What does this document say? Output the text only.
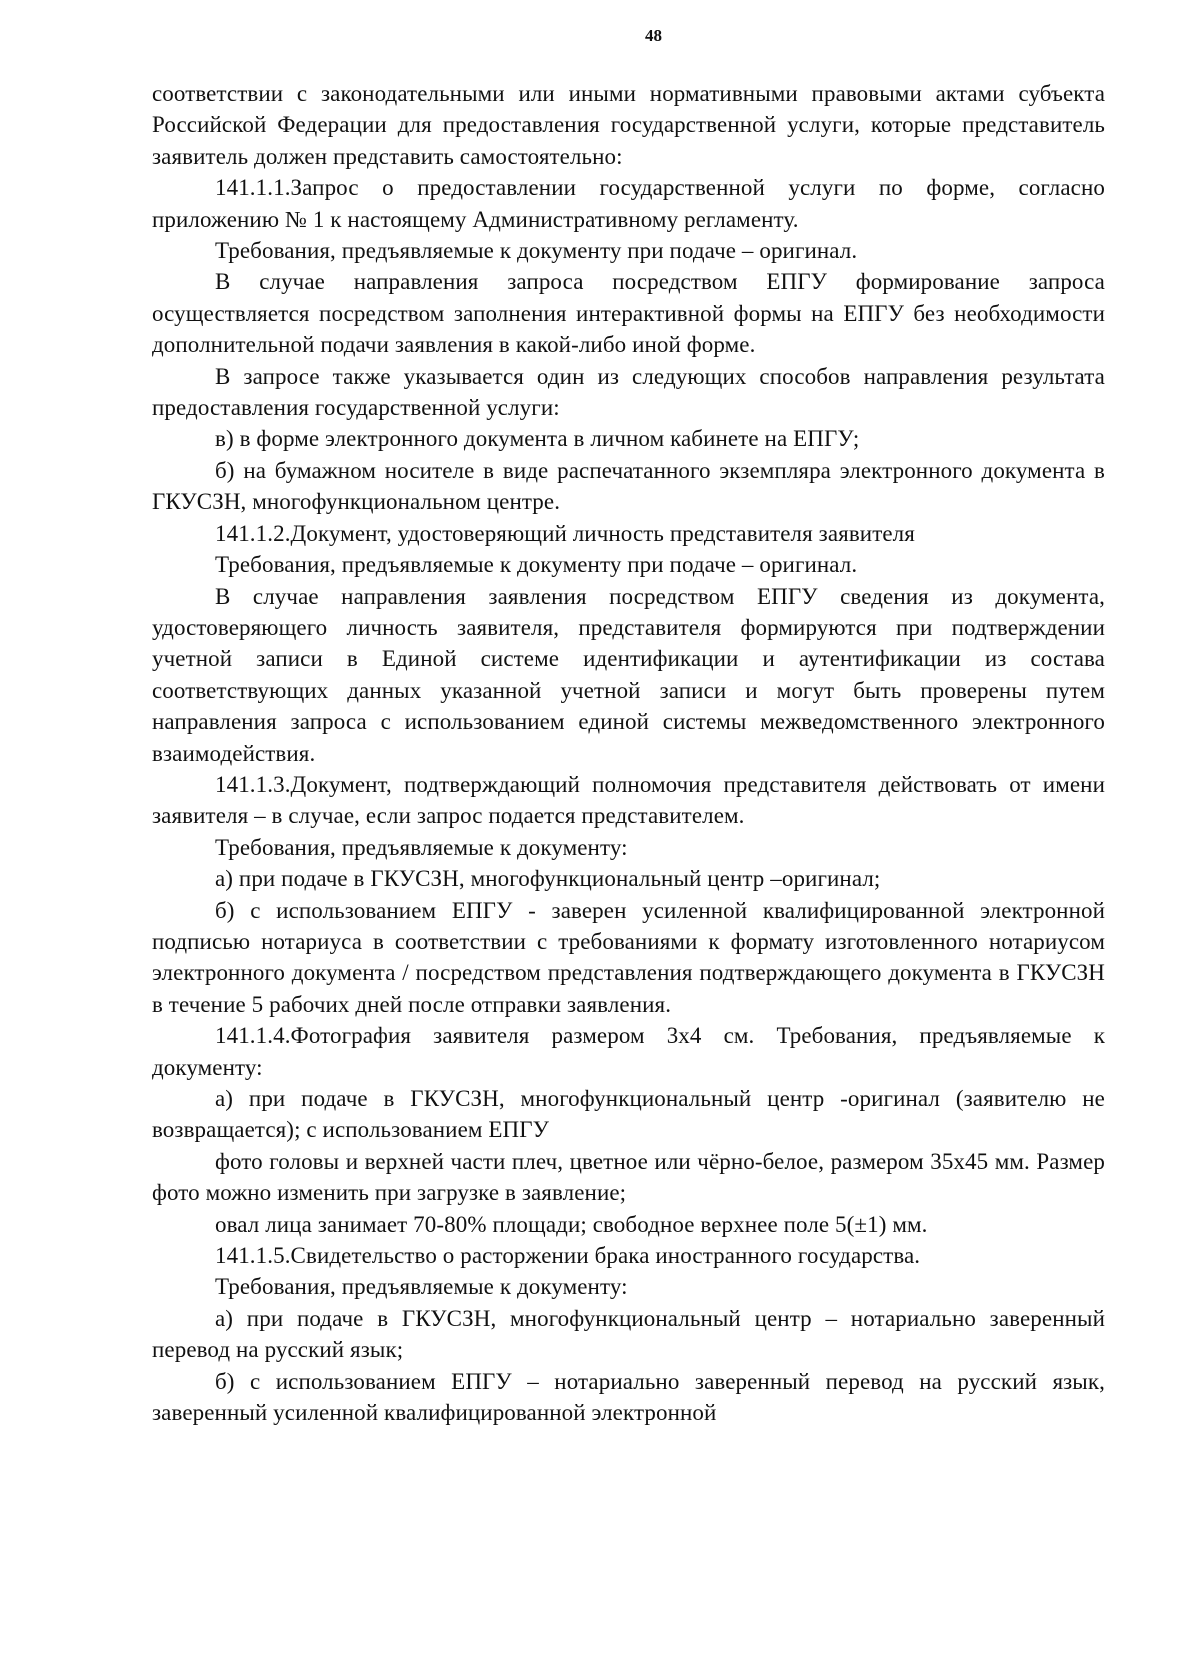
48

соответствии с законодательными или иными нормативными правовыми актами субъекта Российской Федерации для предоставления государственной услуги, которые представитель заявитель должен представить самостоятельно:

141.1.1.Запрос о предоставлении государственной услуги по форме, согласно приложению № 1 к настоящему Административному регламенту.

Требования, предъявляемые к документу при подаче – оригинал.

В случае направления запроса посредством ЕПГУ формирование запроса осуществляется посредством заполнения интерактивной формы на ЕПГУ без необходимости дополнительной подачи заявления в какой-либо иной форме.

В запросе также указывается один из следующих способов направления результата предоставления государственной услуги:

в) в форме электронного документа в личном кабинете на ЕПГУ;

б) на бумажном носителе в виде распечатанного экземпляра электронного документа в ГКУСЗН, многофункциональном центре.

141.1.2.Документ, удостоверяющий личность представителя заявителя

Требования, предъявляемые к документу при подаче – оригинал.

В случае направления заявления посредством ЕПГУ сведения из документа, удостоверяющего личность заявителя, представителя формируются при подтверждении учетной записи в Единой системе идентификации и аутентификации из состава соответствующих данных указанной учетной записи и могут быть проверены путем направления запроса с использованием единой системы межведомственного электронного взаимодействия.

141.1.3.Документ, подтверждающий полномочия представителя действовать от имени заявителя – в случае, если запрос подается представителем.

Требования, предъявляемые к документу:

а) при подаче в ГКУСЗН, многофункциональный центр –оригинал;

б) с использованием ЕПГУ - заверен усиленной квалифицированной электронной подписью нотариуса в соответствии с требованиями к формату изготовленного нотариусом электронного документа / посредством представления подтверждающего документа в ГКУСЗН в течение 5 рабочих дней после отправки заявления.

141.1.4.Фотография заявителя размером 3х4 см. Требования, предъявляемые к документу:

а) при подаче в ГКУСЗН, многофункциональный центр -оригинал (заявителю не возвращается); с использованием ЕПГУ

фото головы и верхней части плеч, цветное или чёрно-белое, размером 35х45 мм. Размер фото можно изменить при загрузке в заявление;

овал лица занимает 70-80% площади; свободное верхнее поле 5(±1) мм.

141.1.5.Свидетельство о расторжении брака иностранного государства.

Требования, предъявляемые к документу:

а) при подаче в ГКУСЗН, многофункциональный центр – нотариально заверенный перевод на русский язык;

б) с использованием ЕПГУ – нотариально заверенный перевод на русский язык, заверенный усиленной квалифицированной электронной
